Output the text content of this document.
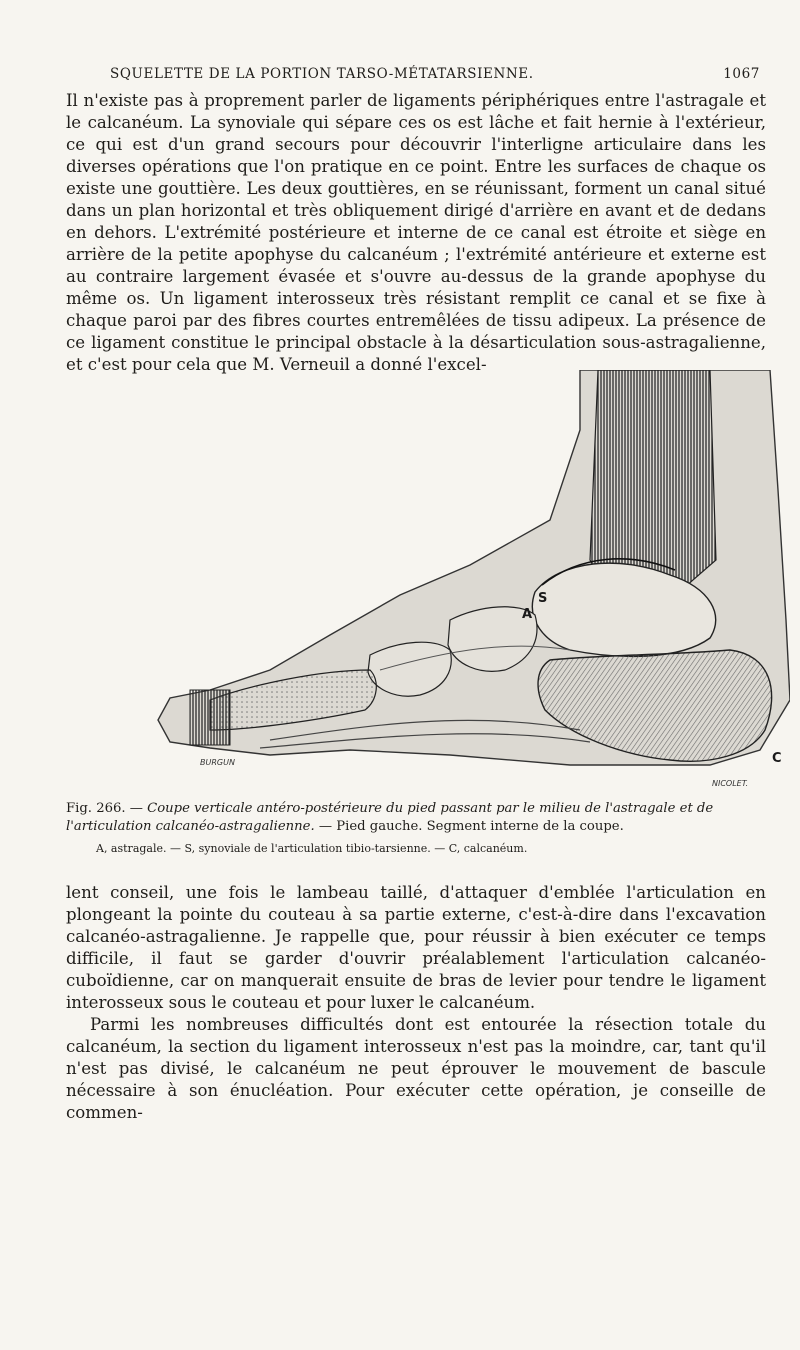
SQUELETTE DE LA PORTION TARSO-MÉTATARSIENNE.	1067

Il n'existe pas à proprement parler de ligaments périphériques entre l'astragale et le calcanéum. La synoviale qui sépare ces os est lâche et fait hernie à l'extérieur, ce qui est d'un grand secours pour découvrir l'interligne articulaire dans les diverses opérations que l'on pratique en ce point. Entre les surfaces de chaque os existe une gouttière. Les deux gouttières, en se réunissant, forment un canal situé dans un plan horizontal et très obliquement dirigé d'arrière en avant et de dedans en dehors. L'extrémité postérieure et interne de ce canal est étroite et siège en arrière de la petite apophyse du calcanéum ; l'extrémité antérieure et externe est au contraire largement évasée et s'ouvre au-dessus de la grande apophyse du même os. Un ligament interosseux très résistant remplit ce canal et se fixe à chaque paroi par des fibres courtes entremêlées de tissu adipeux. La présence de ce ligament constitue le principal obstacle à la désarticulation sous-astragalienne, et c'est pour cela que M. Verneuil a donné l'excel-

S
A
C
BURGUN
NICOLET.

Fig. 266. — Coupe verticale antéro-postérieure du pied passant par le milieu de l'astragale et de l'articulation calcanéo-astragalienne. — Pied gauche. Segment interne de la coupe.

A, astragale. — S, synoviale de l'articulation tibio-tarsienne. — C, calcanéum.

lent conseil, une fois le lambeau taillé, d'attaquer d'emblée l'articulation en plongeant la pointe du couteau à sa partie externe, c'est-à-dire dans l'excavation calcanéo-astragalienne. Je rappelle que, pour réussir à bien exécuter ce temps difficile, il faut se garder d'ouvrir préalablement l'articulation calcanéo-cuboïdienne, car on manquerait ensuite de bras de levier pour tendre le ligament interosseux sous le couteau et pour luxer le calcanéum.
Parmi les nombreuses difficultés dont est entourée la résection totale du calcanéum, la section du ligament interosseux n'est pas la moindre, car, tant qu'il n'est pas divisé, le calcanéum ne peut éprouver le mouvement de bascule nécessaire à son énucléation. Pour exécuter cette opération, je conseille de commen-
